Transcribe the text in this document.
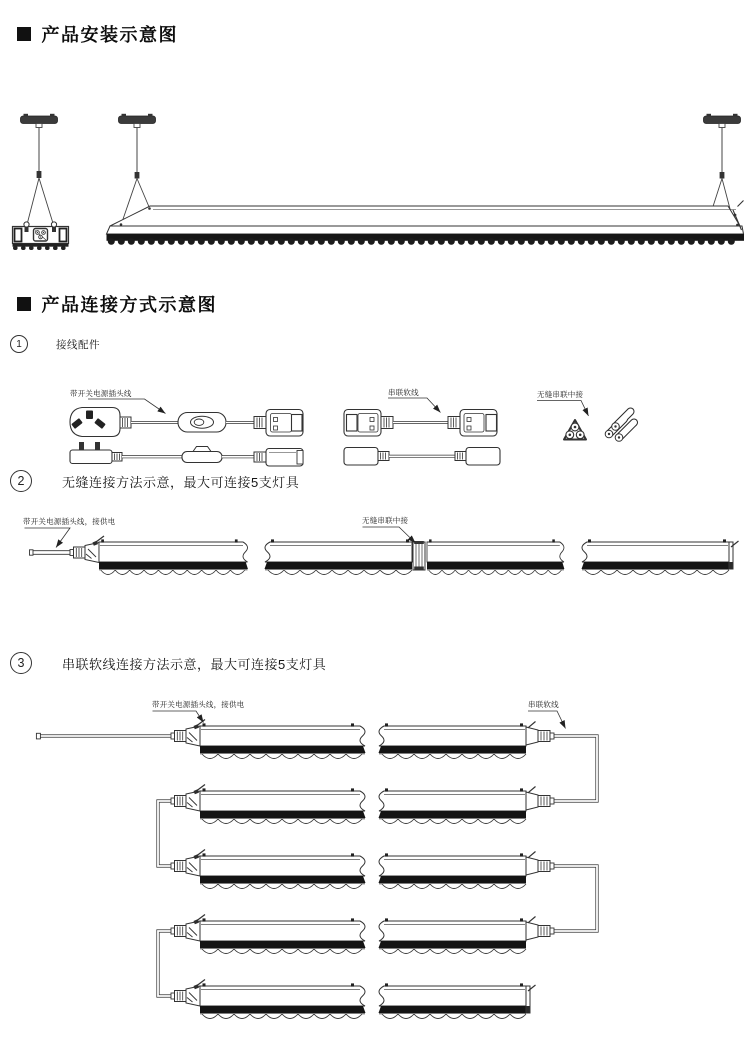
产品安装示意图
产品连接方式示意图
1	接线配件
2	无缝连接方法示意，最大可连接5支灯具
3	串联软线连接方法示意，最大可连接5支灯具
带开关电源插头线	串联软线	无缝串联中接
带开关电源插头线，接供电	无缝串联中接
带开关电源插头线，接供电	串联软线
